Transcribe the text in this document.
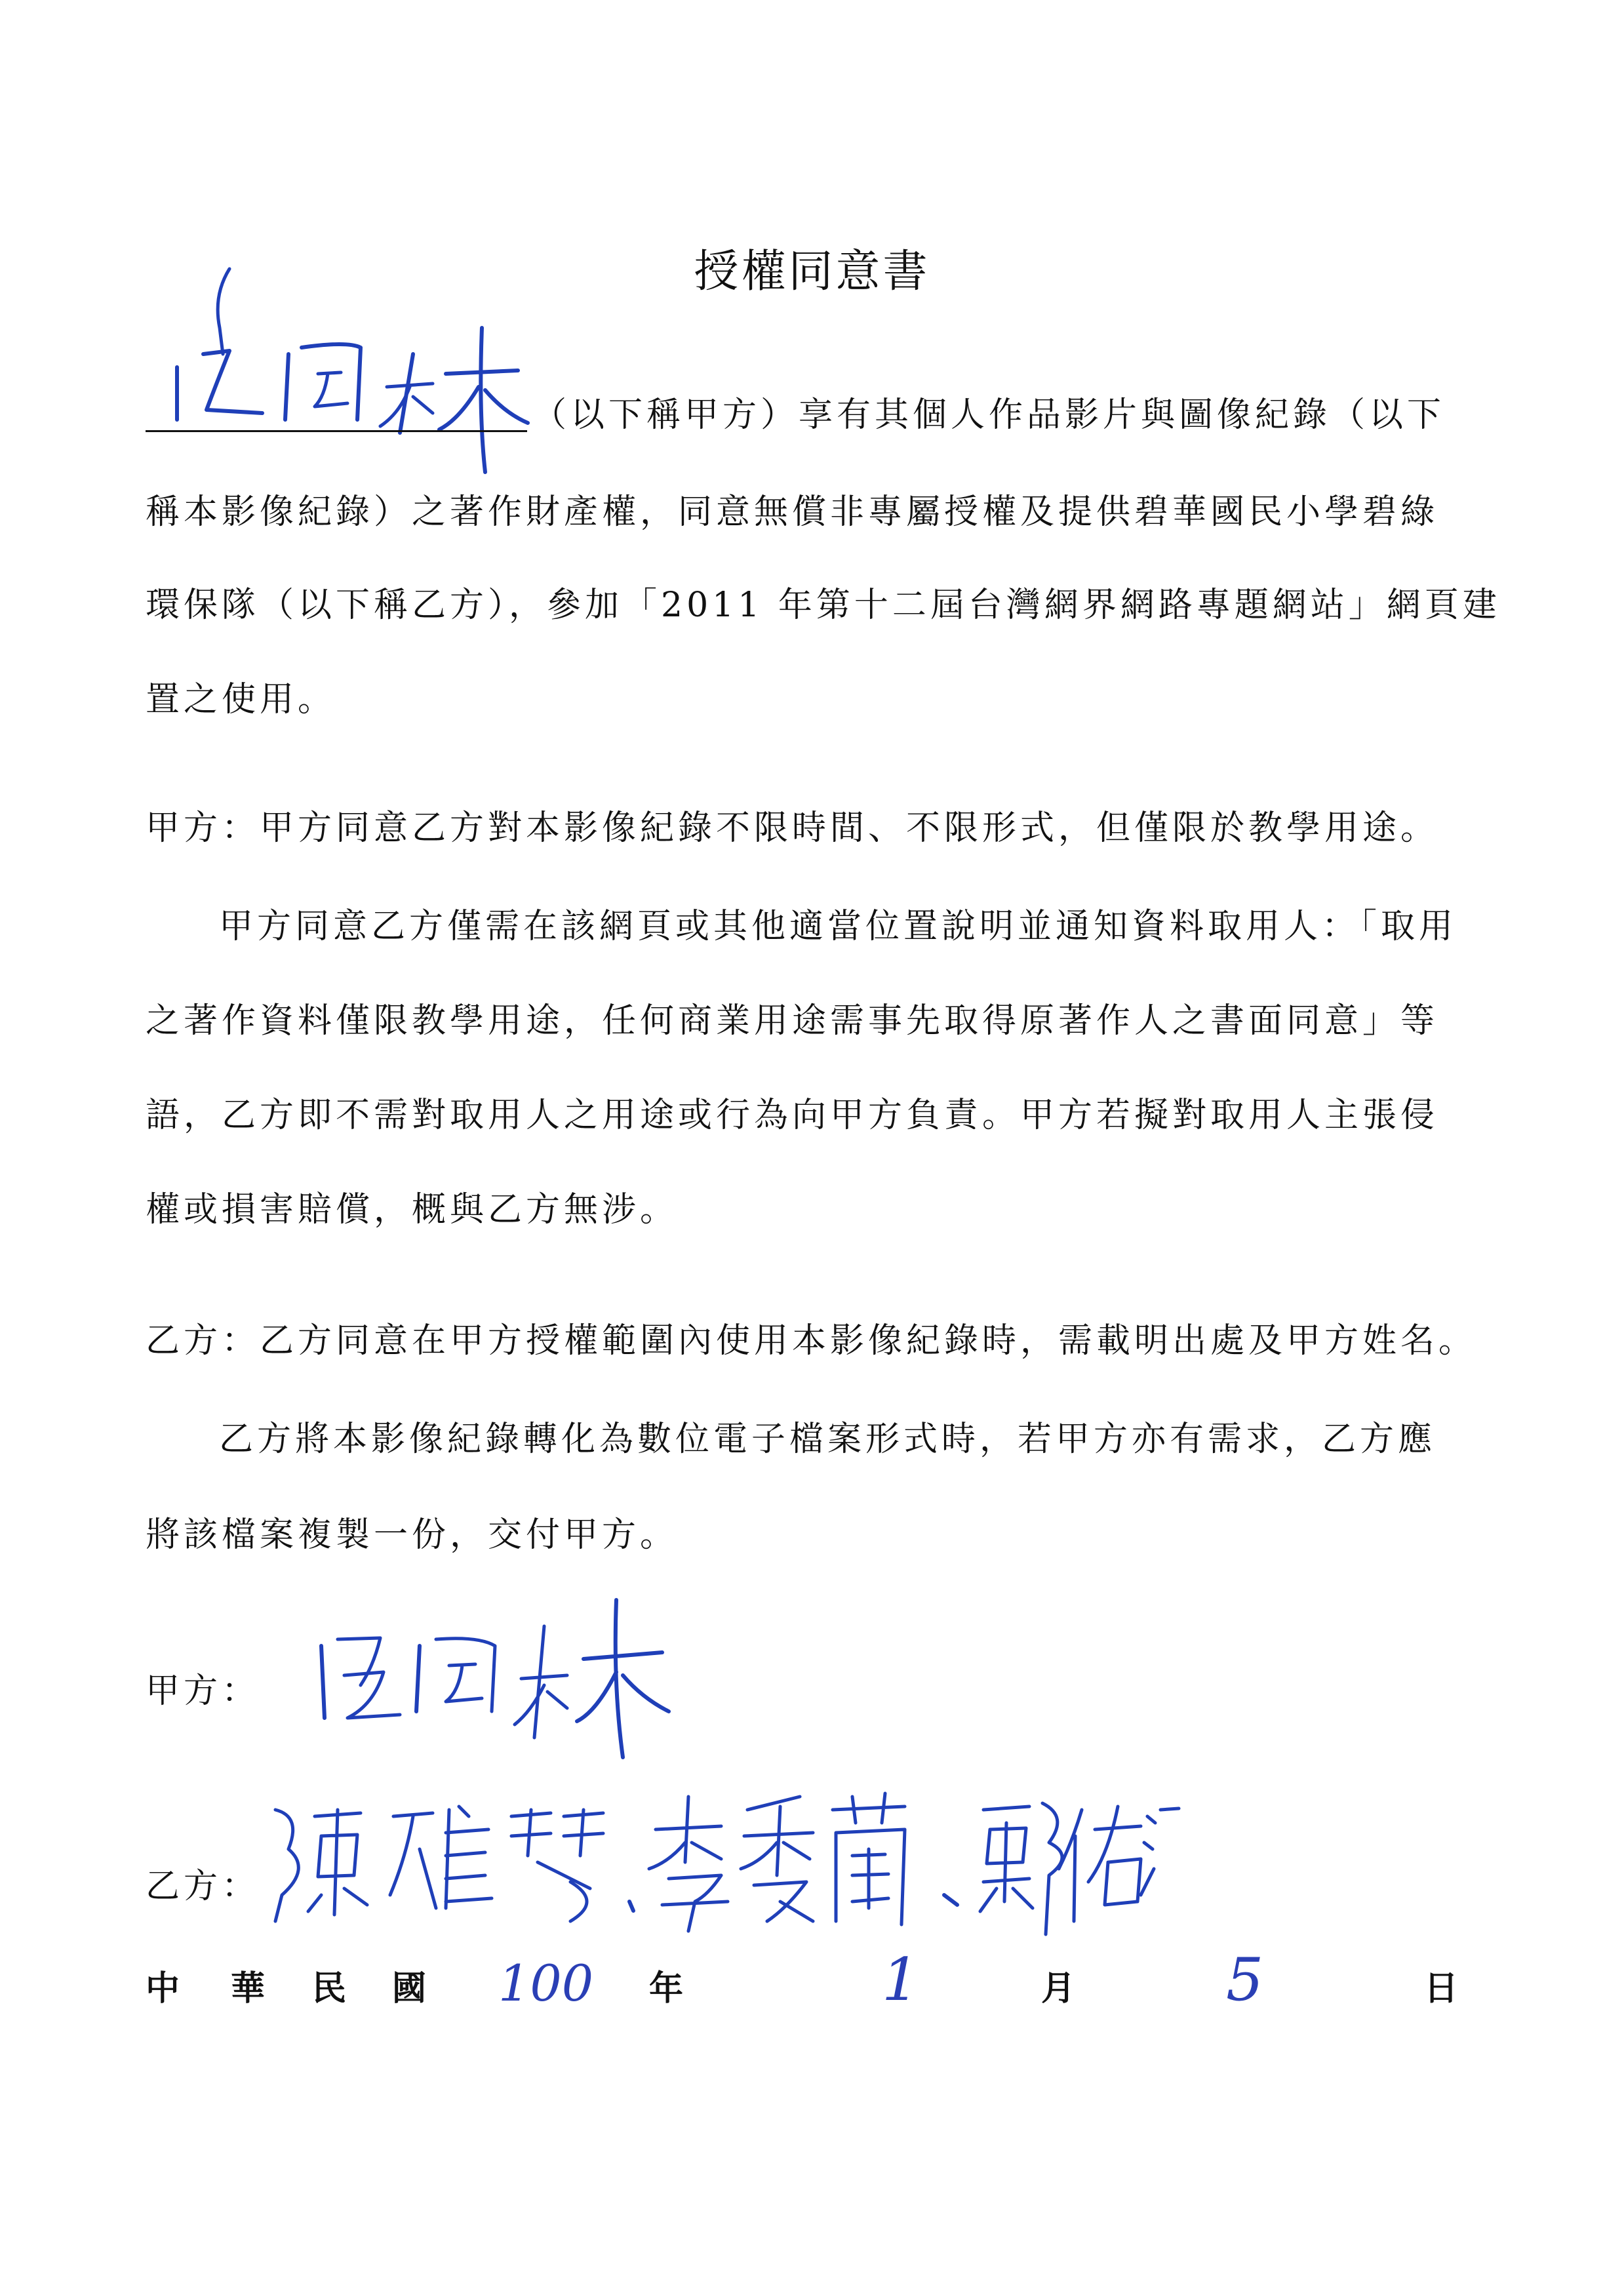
授權同意書
（以下稱甲方）享有其個人作品影片與圖像紀錄（以下
稱本影像紀錄）之著作財產權，同意無償非專屬授權及提供碧華國民小學碧綠
環保隊（以下稱乙方），參加「2011 年第十二屆台灣網界網路專題網站」網頁建
置之使用。
甲方：甲方同意乙方對本影像紀錄不限時間、不限形式，但僅限於教學用途。
甲方同意乙方僅需在該網頁或其他適當位置說明並通知資料取用人：「取用
之著作資料僅限教學用途，任何商業用途需事先取得原著作人之書面同意」等
語，乙方即不需對取用人之用途或行為向甲方負責。甲方若擬對取用人主張侵
權或損害賠償，概與乙方無涉。
乙方：乙方同意在甲方授權範圍內使用本影像紀錄時，需載明出處及甲方姓名。
乙方將本影像紀錄轉化為數位電子檔案形式時，若甲方亦有需求，乙方應
將該檔案複製一份，交付甲方。
甲方：
乙方：
中 華 民 國 100 年	1	月	5	日
